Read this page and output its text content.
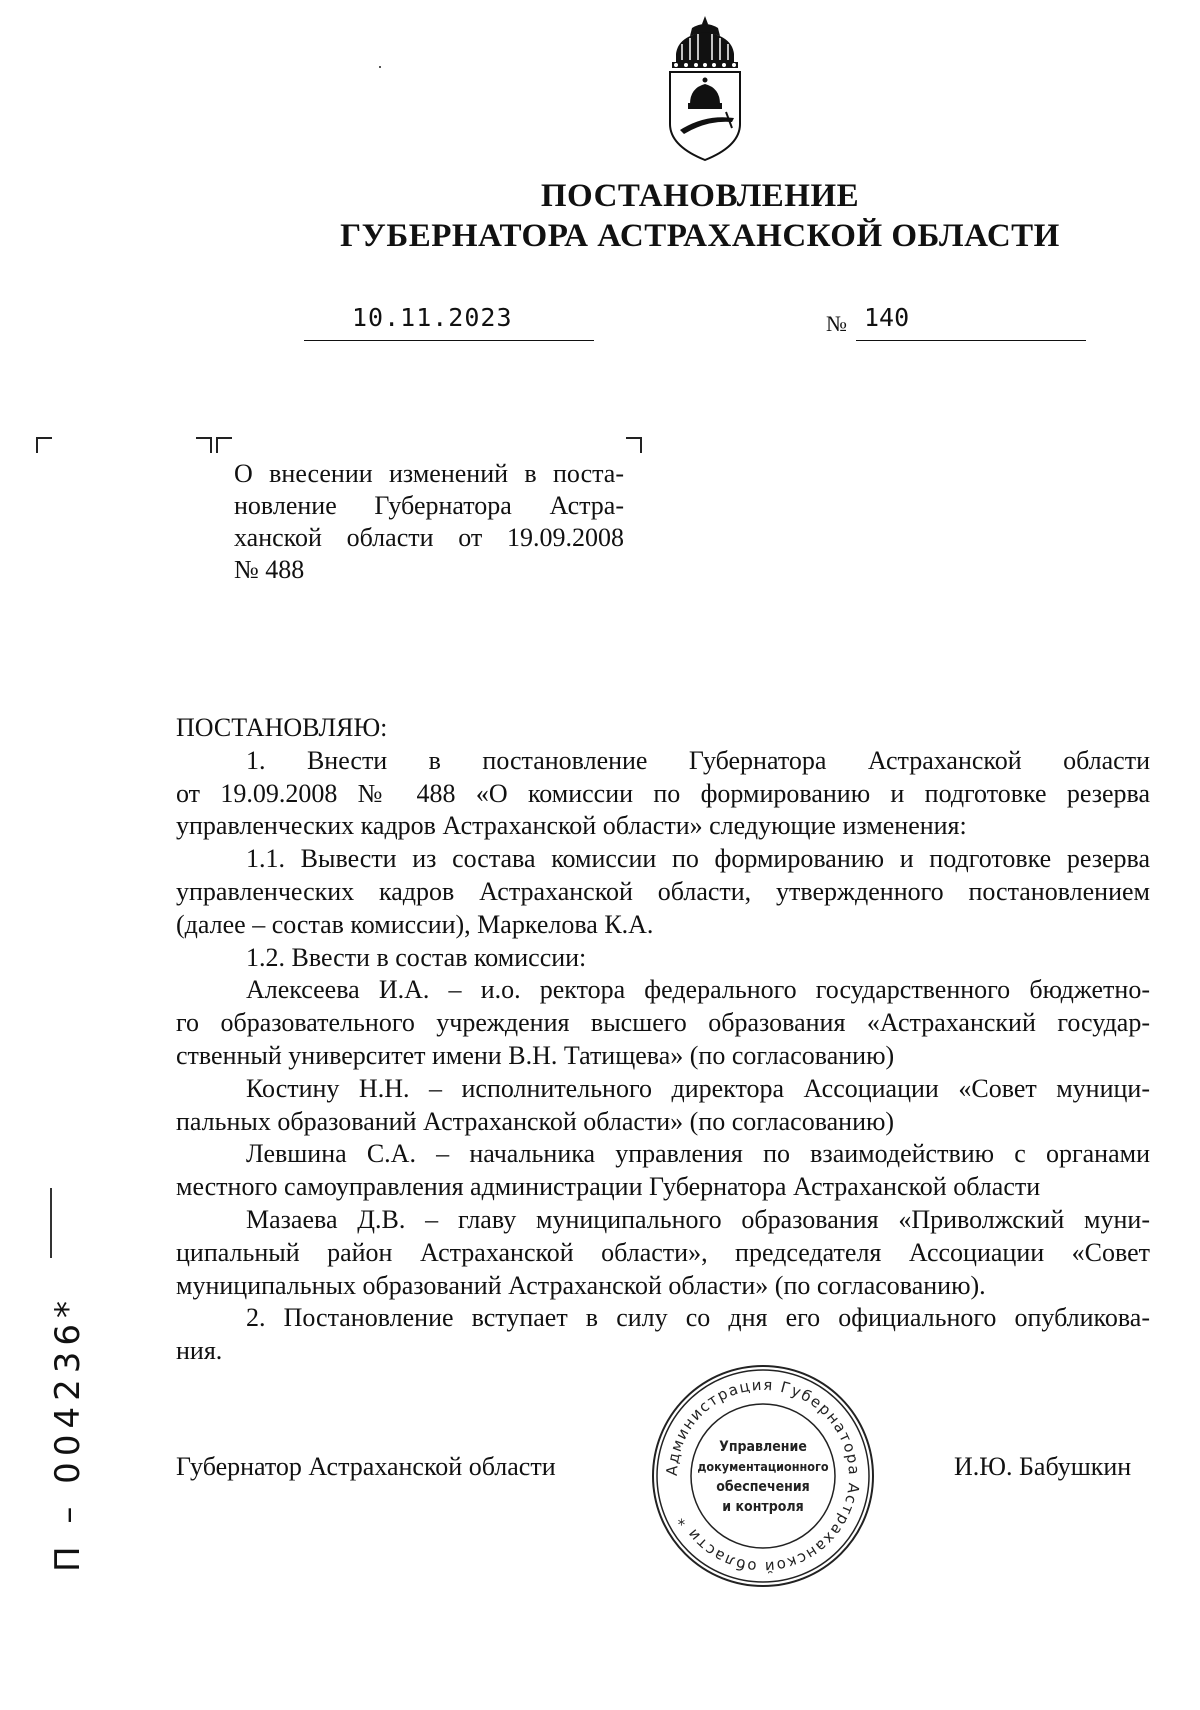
ПОСТАНОВЛЕНИЕ
ГУБЕРНАТОРА АСТРАХАНСКОЙ ОБЛАСТИ
10.11.2023	№ 140
О внесении изменений в поста-
новление Губернатора Астра-
ханской области от 19.09.2008
№ 488

ПОСТАНОВЛЯЮ:

1. Внести в постановление Губернатора Астраханской области
от 19.09.2008 № 488 «О комиссии по формированию и подготовке резерва
управленческих кадров Астраханской области» следующие изменения:
1.1. Вывести из состава комиссии по формированию и подготовке резерва
управленческих кадров Астраханской области, утвержденного постановлением
(далее – состав комиссии), Маркелова К.А.
1.2. Ввести в состав комиссии:
Алексеева И.А. – и.о. ректора федерального государственного бюджетно-
го образовательного учреждения высшего образования «Астраханский государ-
ственный университет имени В.Н. Татищева» (по согласованию)
Костину Н.Н. – исполнительного директора Ассоциации «Совет муници-
пальных образований Астраханской области» (по согласованию)
Левшина С.А. – начальника управления по взаимодействию с органами
местного самоуправления администрации Губернатора Астраханской области
Мазаева Д.В. – главу муниципального образования «Приволжский муни-
ципальный район Астраханской области», председателя Ассоциации «Совет
муниципальных образований Астраханской области» (по согласованию).
2. Постановление вступает в силу со дня его официального опубликова-
ния.
Губернатор Астраханской области	И.Ю. Бабушкин
Администрация Губернатора Астраханской области *
Управление
документационного
обеспечения
и контроля
П – 004236*
